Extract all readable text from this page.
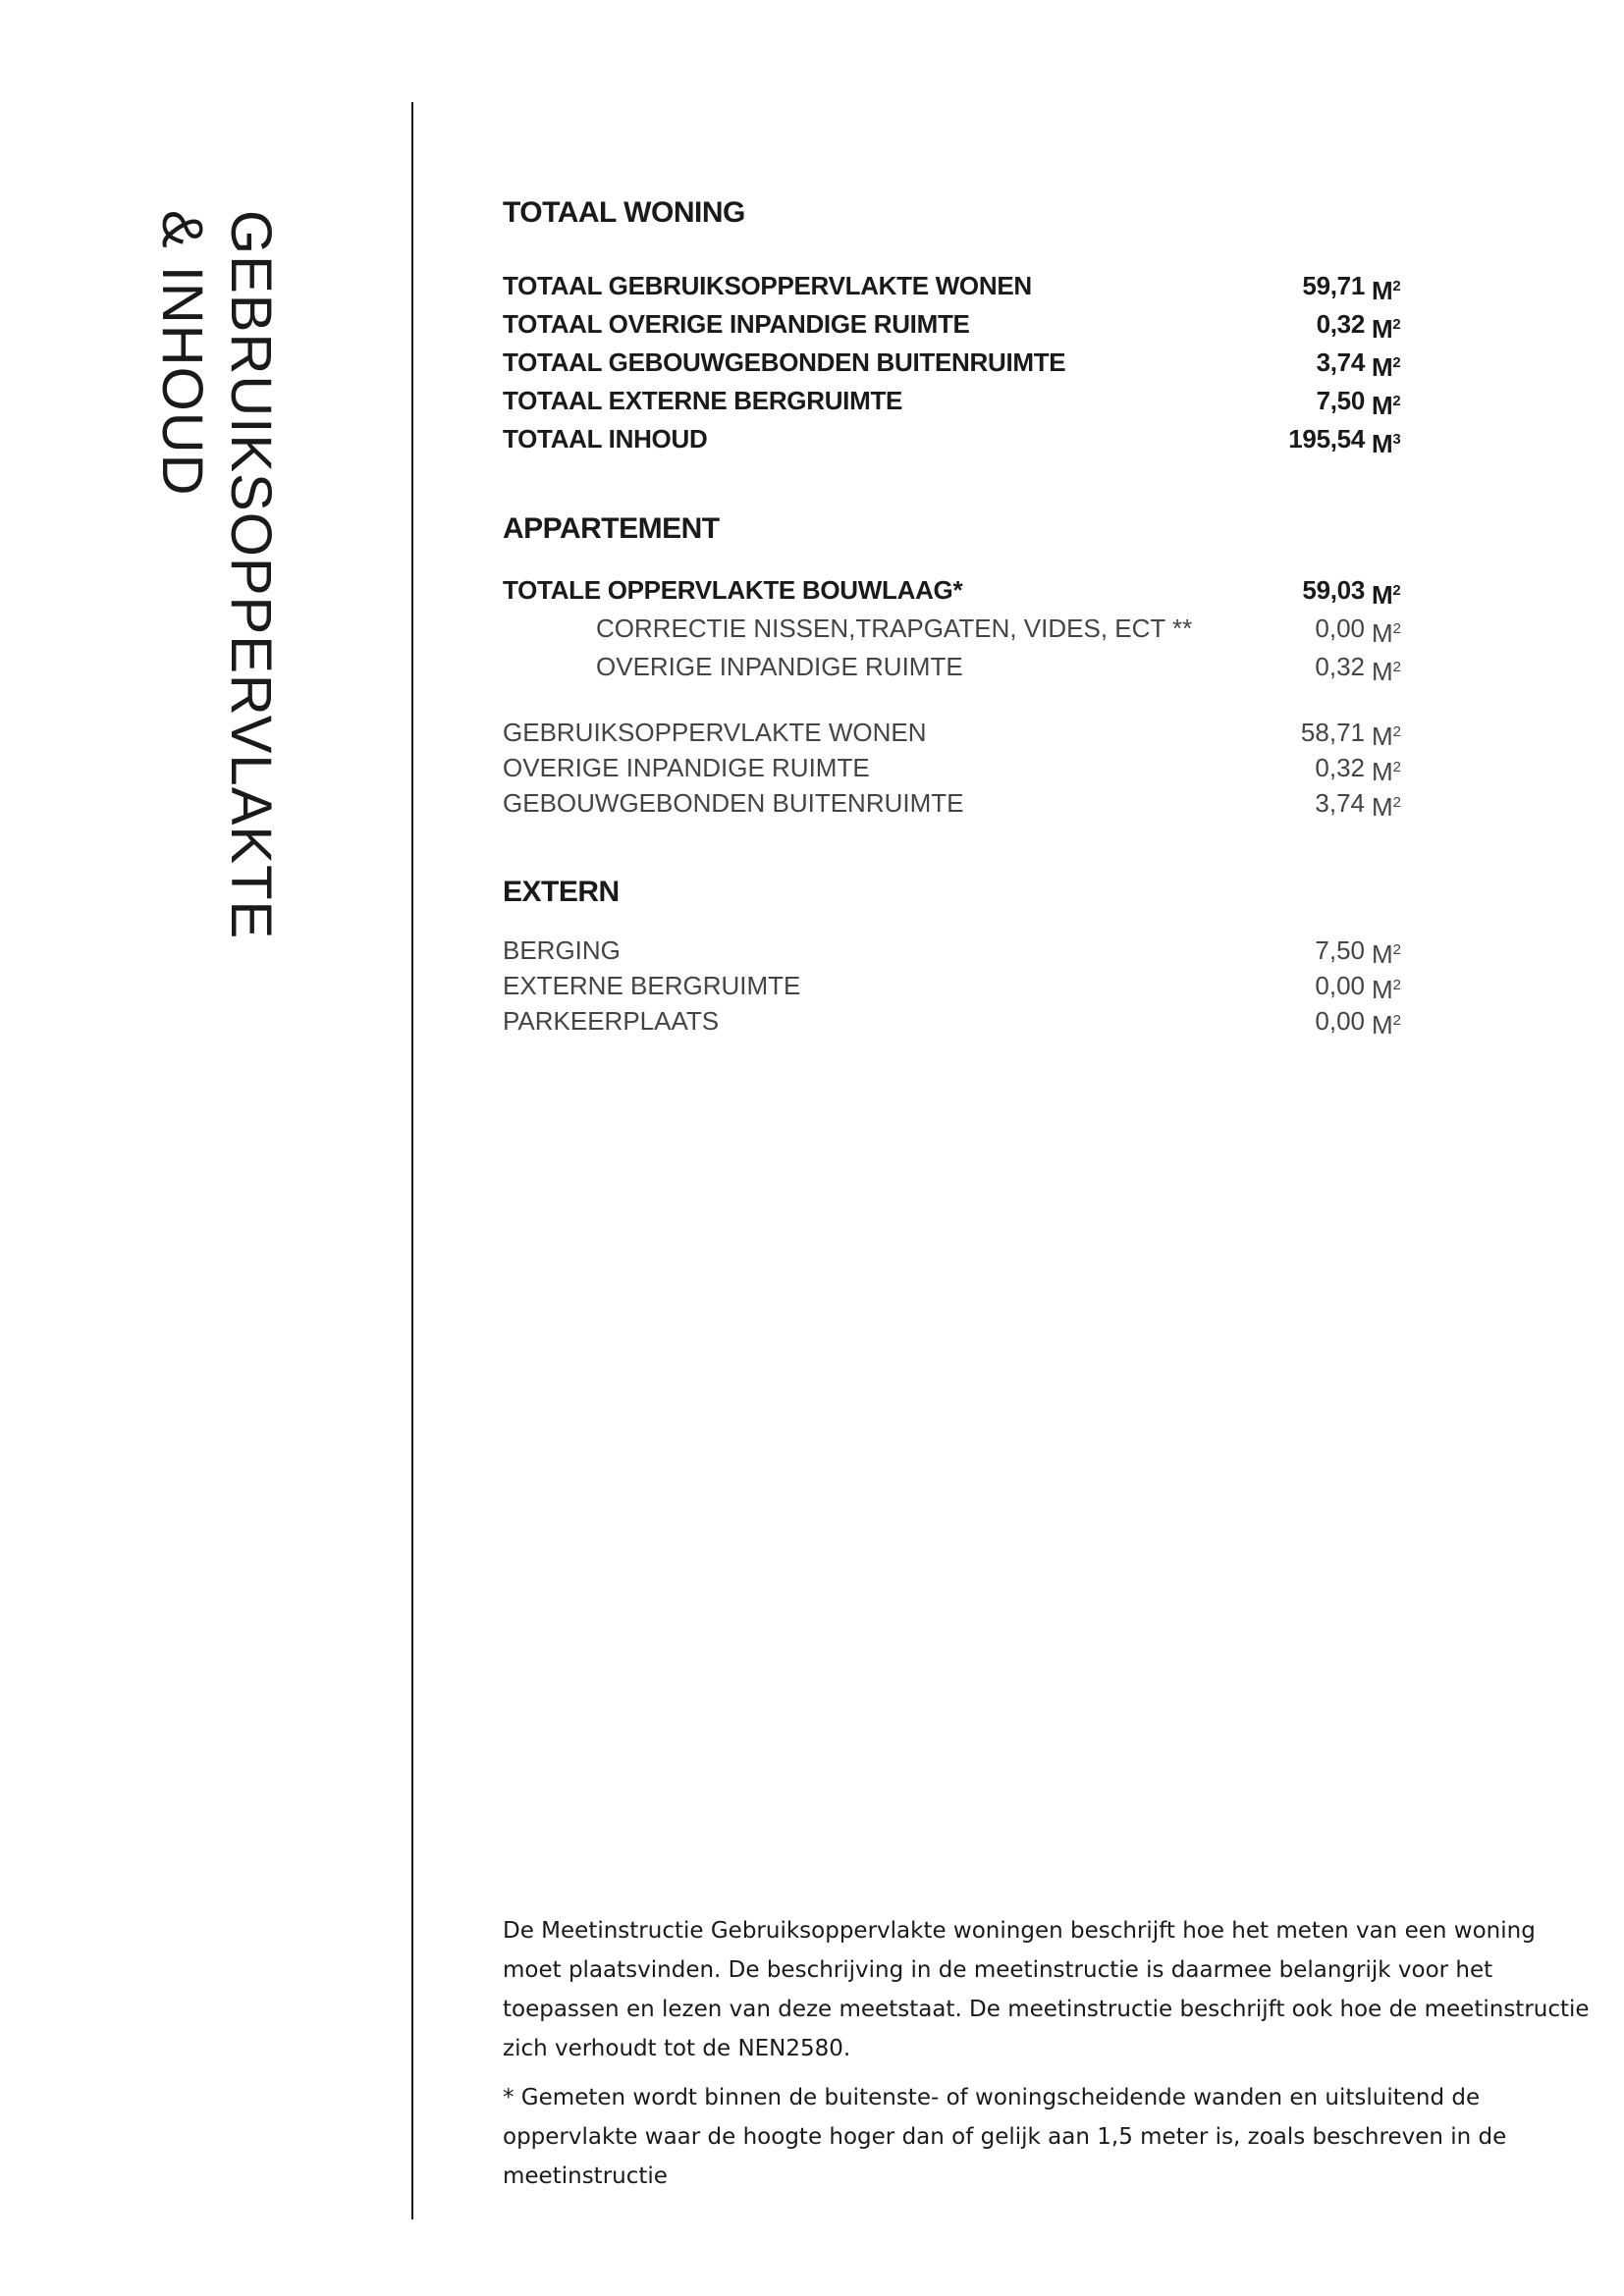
GEBRUIKSOPPERVLAKTE
& INHOUD	TOTAAL WONING
TOTAAL GEBRUIKSOPPERVLAKTE WONEN	59,71 $M^2$
TOTAAL OVERIGE INPANDIGE RUIMTE	0,32 $M^2$
TOTAAL GEBOUWGEBONDEN BUITENRUIMTE	3,74 $M^2$
TOTAAL EXTERNE BERGRUIMTE	7,50 $M^2$
TOTAAL INHOUD	195,54 $M^3$
APPARTEMENT
TOTALE OPPERVLAKTE BOUWLAAG*	59,03 $M^2$
CORRECTIE NISSEN,TRAPGATEN, VIDES, ECT **	0,00 $M^2$
OVERIGE INPANDIGE RUIMTE	0,32 $M^2$
GEBRUIKSOPPERVLAKTE WONEN	58,71 $M^2$
OVERIGE INPANDIGE RUIMTE	0,32 $M^2$
GEBOUWGEBONDEN BUITENRUIMTE	3,74 $M^2$
EXTERN
BERGING	7,50 $M^2$
EXTERNE BERGRUIMTE	0,00 $M^2$
PARKEERPLAATS	0,00 $M^2$

De Meetinstructie Gebruiksoppervlakte woningen beschrijft hoe het meten van een woning moet plaatsvinden. De beschrijving in de meetinstructie is daarmee belangrijk voor het toepassen en lezen van deze meetstaat. De meetinstructie beschrijft ook hoe de meetinstructie zich verhoudt tot de NEN2580.

* Gemeten wordt binnen de buitenste- of woningscheidende wanden en uitsluitend de oppervlakte waar de hoogte hoger dan of gelijk aan 1,5 meter is, zoals beschreven in de meetinstructie
